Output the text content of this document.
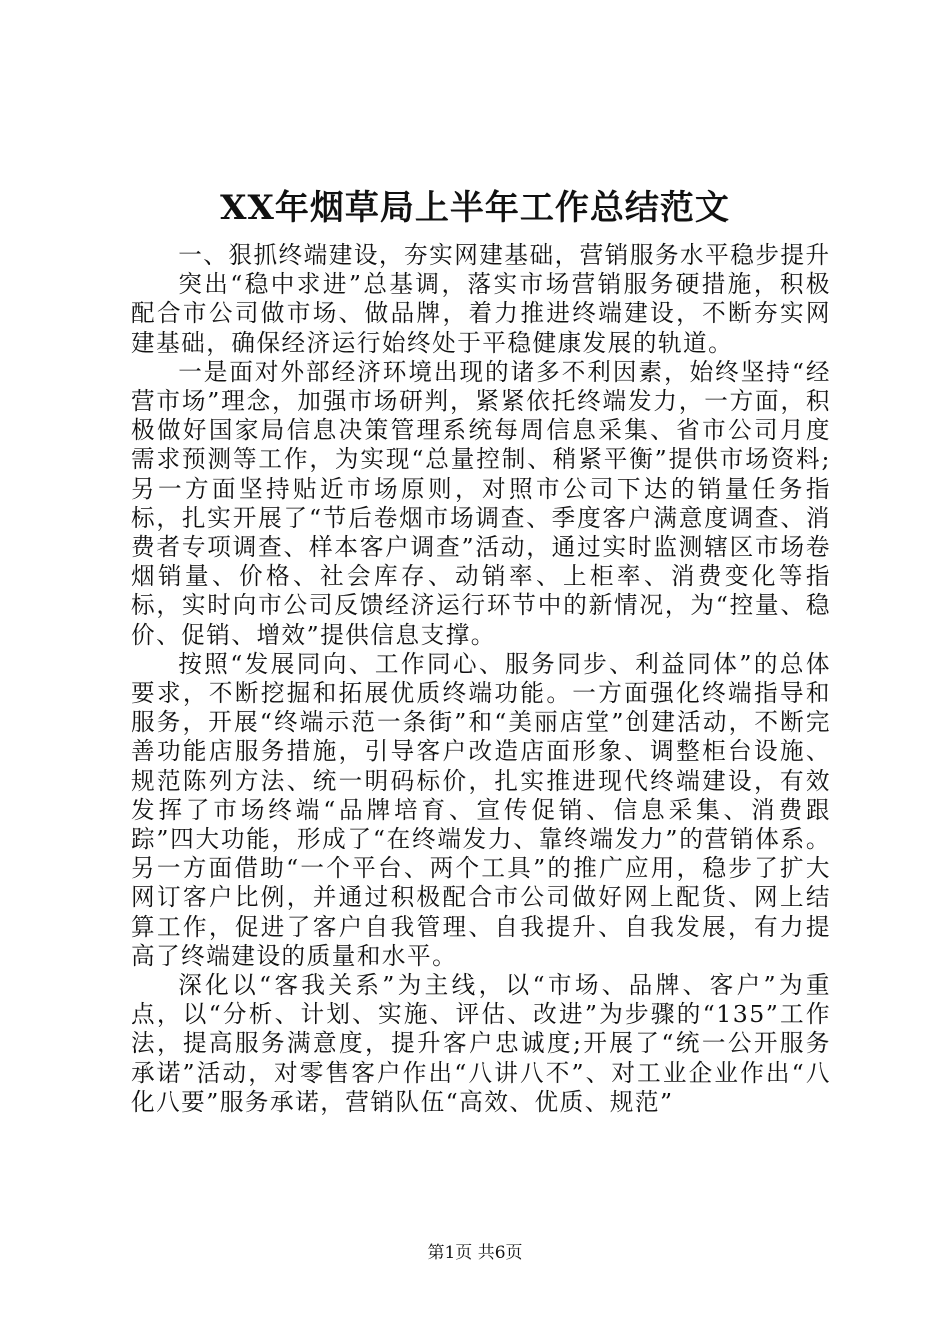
XX年烟草局上半年工作总结范文

一、狠抓终端建设，夯实网建基础，营销服务水平稳步提升

突出“稳中求进”总基调，落实市场营销服务硬措施，积极配合市公司做市场、做品牌，着力推进终端建设，不断夯实网建基础，确保经济运行始终处于平稳健康发展的轨道。

一是面对外部经济环境出现的诸多不利因素，始终坚持“经营市场”理念，加强市场研判，紧紧依托终端发力，一方面，积极做好国家局信息决策管理系统每周信息采集、省市公司月度需求预测等工作，为实现“总量控制、稍紧平衡”提供市场资料;另一方面坚持贴近市场原则，对照市公司下达的销量任务指标，扎实开展了“节后卷烟市场调查、季度客户满意度调查、消费者专项调查、样本客户调查”活动，通过实时监测辖区市场卷烟销量、价格、社会库存、动销率、上柜率、消费变化等指标，实时向市公司反馈经济运行环节中的新情况，为“控量、稳价、促销、增效”提供信息支撑。

按照“发展同向、工作同心、服务同步、利益同体”的总体要求，不断挖掘和拓展优质终端功能。一方面强化终端指导和服务，开展“终端示范一条街”和“美丽店堂”创建活动，不断完善功能店服务措施，引导客户改造店面形象、调整柜台设施、规范陈列方法、统一明码标价，扎实推进现代终端建设，有效发挥了市场终端“品牌培育、宣传促销、信息采集、消费跟踪”四大功能，形成了“在终端发力、靠终端发力”的营销体系。另一方面借助“一个平台、两个工具”的推广应用，稳步了扩大网订客户比例，并通过积极配合市公司做好网上配货、网上结算工作，促进了客户自我管理、自我提升、自我发展，有力提高了终端建设的质量和水平。

深化以“客我关系”为主线，以“市场、品牌、客户”为重点，以“分析、计划、实施、评估、改进”为步骤的“135”工作法，提高服务满意度，提升客户忠诚度;开展了“统一公开服务承诺”活动，对零售客户作出“八讲八不”、对工业企业作出“八化八要”服务承诺，营销队伍“高效、优质、规范”

第1页 共6页
